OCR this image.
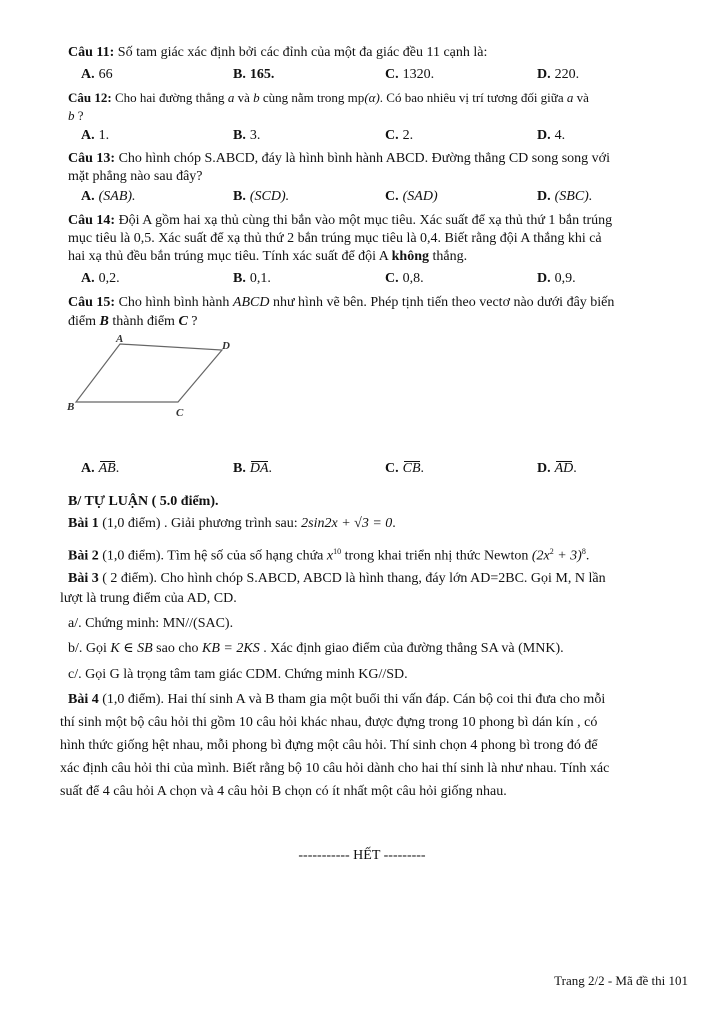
Câu 11: Số tam giác xác định bởi các đỉnh của một đa giác đều 11 cạnh là:
A. 66	B. 165.	C. 1320.	D. 220.
Câu 12: Cho hai đường thẳng a và b cùng nằm trong mp(α). Có bao nhiêu vị trí tương đối giữa a và
b ?
A. 1.	B. 3.	C. 2.	D. 4.
Câu 13: Cho hình chóp S.ABCD, đáy là hình bình hành ABCD. Đường thẳng CD song song với
mặt phẳng nào sau đây?
A. (SAB).	B. (SCD).	C. (SAD)	D. (SBC).
Câu 14: Đội A gồm hai xạ thủ cùng thi bắn vào một mục tiêu. Xác suất để xạ thủ thứ 1 bắn trúng
mục tiêu là 0,5. Xác suất để xạ thủ thứ 2 bắn trúng mục tiêu là 0,4. Biết rằng đội A thắng khi cả
hai xạ thủ đều bắn trúng mục tiêu. Tính xác suất để đội A không thắng.
A. 0,2.	B. 0,1.	C. 0,8.	D. 0,9.
Câu 15: Cho hình bình hành ABCD như hình vẽ bên. Phép tịnh tiến theo vectơ nào dưới đây biến
điểm B thành điểm C ?
A
D
B	C
A. AB.	B. DA.	C. CB.	D. AD.
B/ TỰ LUẬN ( 5.0 điểm).
Bài 1 (1,0 điểm) . Giải phương trình sau: 2sin2x + √3 = 0.
Bài 2 (1,0 điểm). Tìm hệ số của số hạng chứa $x^{10}$ trong khai triển nhị thức Newton $(2x^2 + 3)^8$.
Bài 3 ( 2 điểm). Cho hình chóp S.ABCD, ABCD là hình thang, đáy lớn AD=2BC. Gọi M, N lần
lượt là trung điểm của AD, CD.
a/. Chứng minh: MN//(SAC).
b/. Gọi K ∈ SB sao cho KB = 2KS . Xác định giao điểm của đường thẳng SA và (MNK).
c/. Gọi G là trọng tâm tam giác CDM. Chứng minh KG//SD.
Bài 4 (1,0 điểm). Hai thí sinh A và B tham gia một buổi thi vấn đáp. Cán bộ coi thi đưa cho mỗi
thí sinh một bộ câu hỏi thi gồm 10 câu hỏi khác nhau, được đựng trong 10 phong bì dán kín , có
hình thức giống hệt nhau, mỗi phong bì đựng một câu hỏi. Thí sinh chọn 4 phong bì trong đó để
xác định câu hỏi thi của mình. Biết rằng bộ 10 câu hỏi dành cho hai thí sinh là như nhau. Tính xác
suất để 4 câu hỏi A chọn và 4 câu hỏi B chọn có ít nhất một câu hỏi giống nhau.
----------- HẾT ---------
Trang 2/2 - Mã đề thi 101
